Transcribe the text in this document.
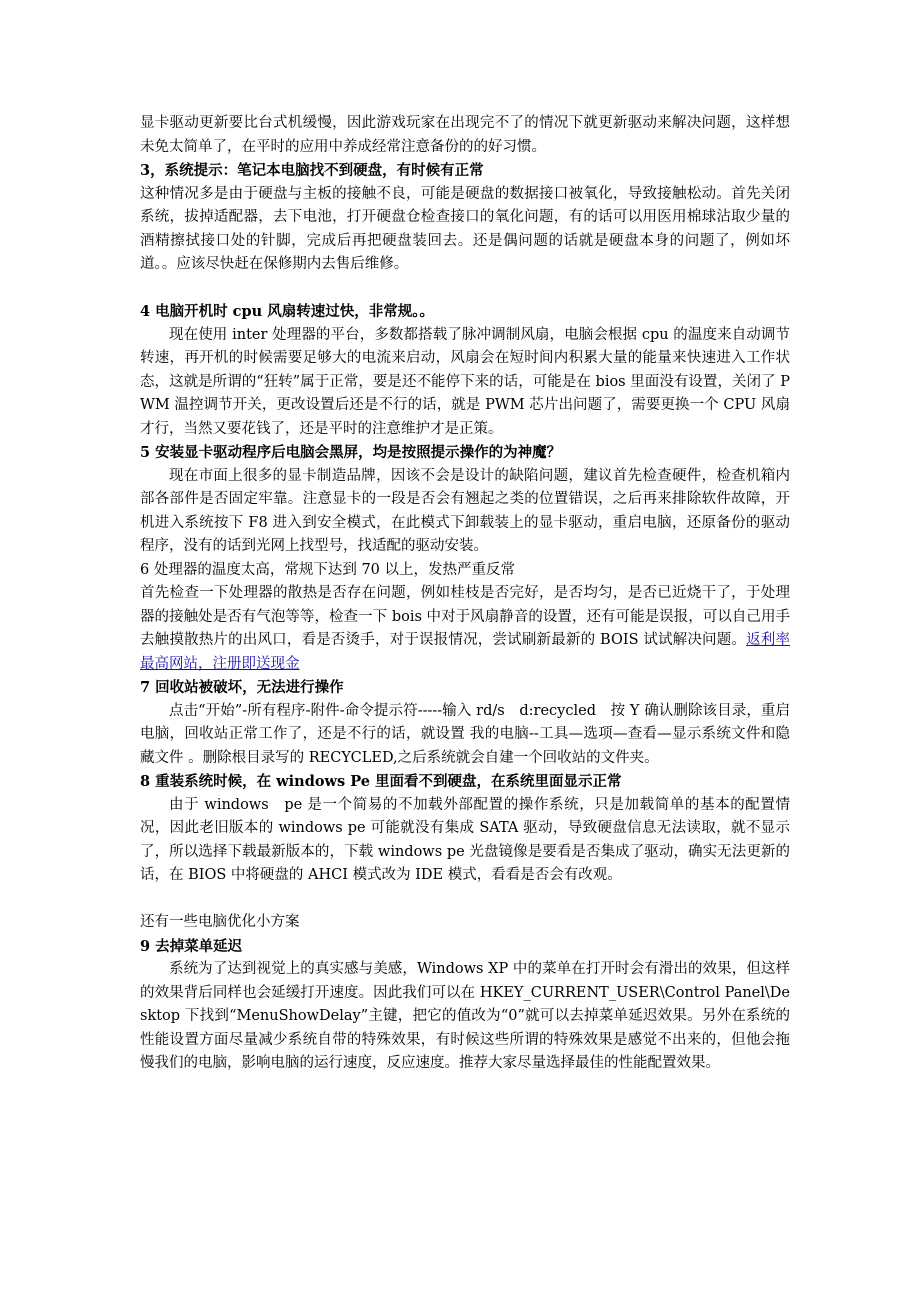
显卡驱动更新要比台式机缓慢，因此游戏玩家在出现完不了的情况下就更新驱动来解决问题，这样想未免太简单了，在平时的应用中养成经常注意备份的的好习惯。

3，系统提示：笔记本电脑找不到硬盘，有时候有正常

这种情况多是由于硬盘与主板的接触不良，可能是硬盘的数据接口被氧化，导致接触松动。首先关闭系统，拔掉适配器，去下电池，打开硬盘仓检查接口的氧化问题，有的话可以用医用棉球沾取少量的酒精擦拭接口处的针脚，完成后再把硬盘装回去。还是偶问题的话就是硬盘本身的问题了，例如坏道。。应该尽快赶在保修期内去售后维修。

4 电脑开机时 cpu 风扇转速过快，非常规。。

现在使用 inter 处理器的平台，多数都搭载了脉冲调制风扇，电脑会根据 cpu 的温度来自动调节转速，再开机的时候需要足够大的电流来启动，风扇会在短时间内积累大量的能量来快速进入工作状态，这就是所谓的“狂转”属于正常，要是还不能停下来的话，可能是在 bios 里面没有设置，关闭了 PWM 温控调节开关，更改设置后还是不行的话，就是 PWM 芯片出问题了，需要更换一个 CPU 风扇才行，当然又要花钱了，还是平时的注意维护才是正策。

5 安装显卡驱动程序后电脑会黑屏，均是按照提示操作的为神魔？

现在市面上很多的显卡制造品牌，因该不会是设计的缺陷问题，建议首先检查硬件，检查机箱内部各部件是否固定牢靠。注意显卡的一段是否会有翘起之类的位置错误，之后再来排除软件故障，开机进入系统按下 F8 进入到安全模式，在此模式下卸载装上的显卡驱动，重启电脑，还原备份的驱动程序，没有的话到光网上找型号，找适配的驱动安装。

6 处理器的温度太高，常规下达到 70 以上，发热严重反常

首先检查一下处理器的散热是否存在问题，例如桂枝是否完好，是否均匀，是否已近烧干了，于处理器的接触处是否有气泡等等，检查一下 bois 中对于风扇静音的设置，还有可能是误报，可以自己用手去触摸散热片的出风口，看是否烫手，对于误报情况，尝试刷新最新的 BOIS 试试解决问题。返利率最高网站，注册即送现金

7 回收站被破坏，无法进行操作

点击“开始”-所有程序-附件-命令提示符-----输入 rd/s　d:recycled　按 Y 确认删除该目录，重启电脑，回收站正常工作了，还是不行的话，就设置 我的电脑--工具—选项—查看—显示系统文件和隐藏文件 。删除根目录写的 RECYCLED,之后系统就会自建一个回收站的文件夹。

8 重装系统时候，在 windows Pe 里面看不到硬盘，在系统里面显示正常

由于 windows　pe 是一个简易的不加载外部配置的操作系统，只是加载简单的基本的配置情况，因此老旧版本的 windows pe 可能就没有集成 SATA 驱动，导致硬盘信息无法读取，就不显示了，所以选择下载最新版本的，下载 windows pe 光盘镜像是要看是否集成了驱动，确实无法更新的话，在 BIOS 中将硬盘的 AHCI 模式改为 IDE 模式，看看是否会有改观。

还有一些电脑优化小方案

9 去掉菜单延迟

系统为了达到视觉上的真实感与美感，Windows XP 中的菜单在打开时会有滑出的效果，但这样的效果背后同样也会延缓打开速度。因此我们可以在 HKEY_CURRENT_USER\Control Panel\Desktop 下找到“MenuShowDelay”主键，把它的值改为“0”就可以去掉菜单延迟效果。另外在系统的性能设置方面尽量减少系统自带的特殊效果，有时候这些所谓的特殊效果是感觉不出来的，但他会拖慢我们的电脑，影响电脑的运行速度，反应速度。推荐大家尽量选择最佳的性能配置效果。
